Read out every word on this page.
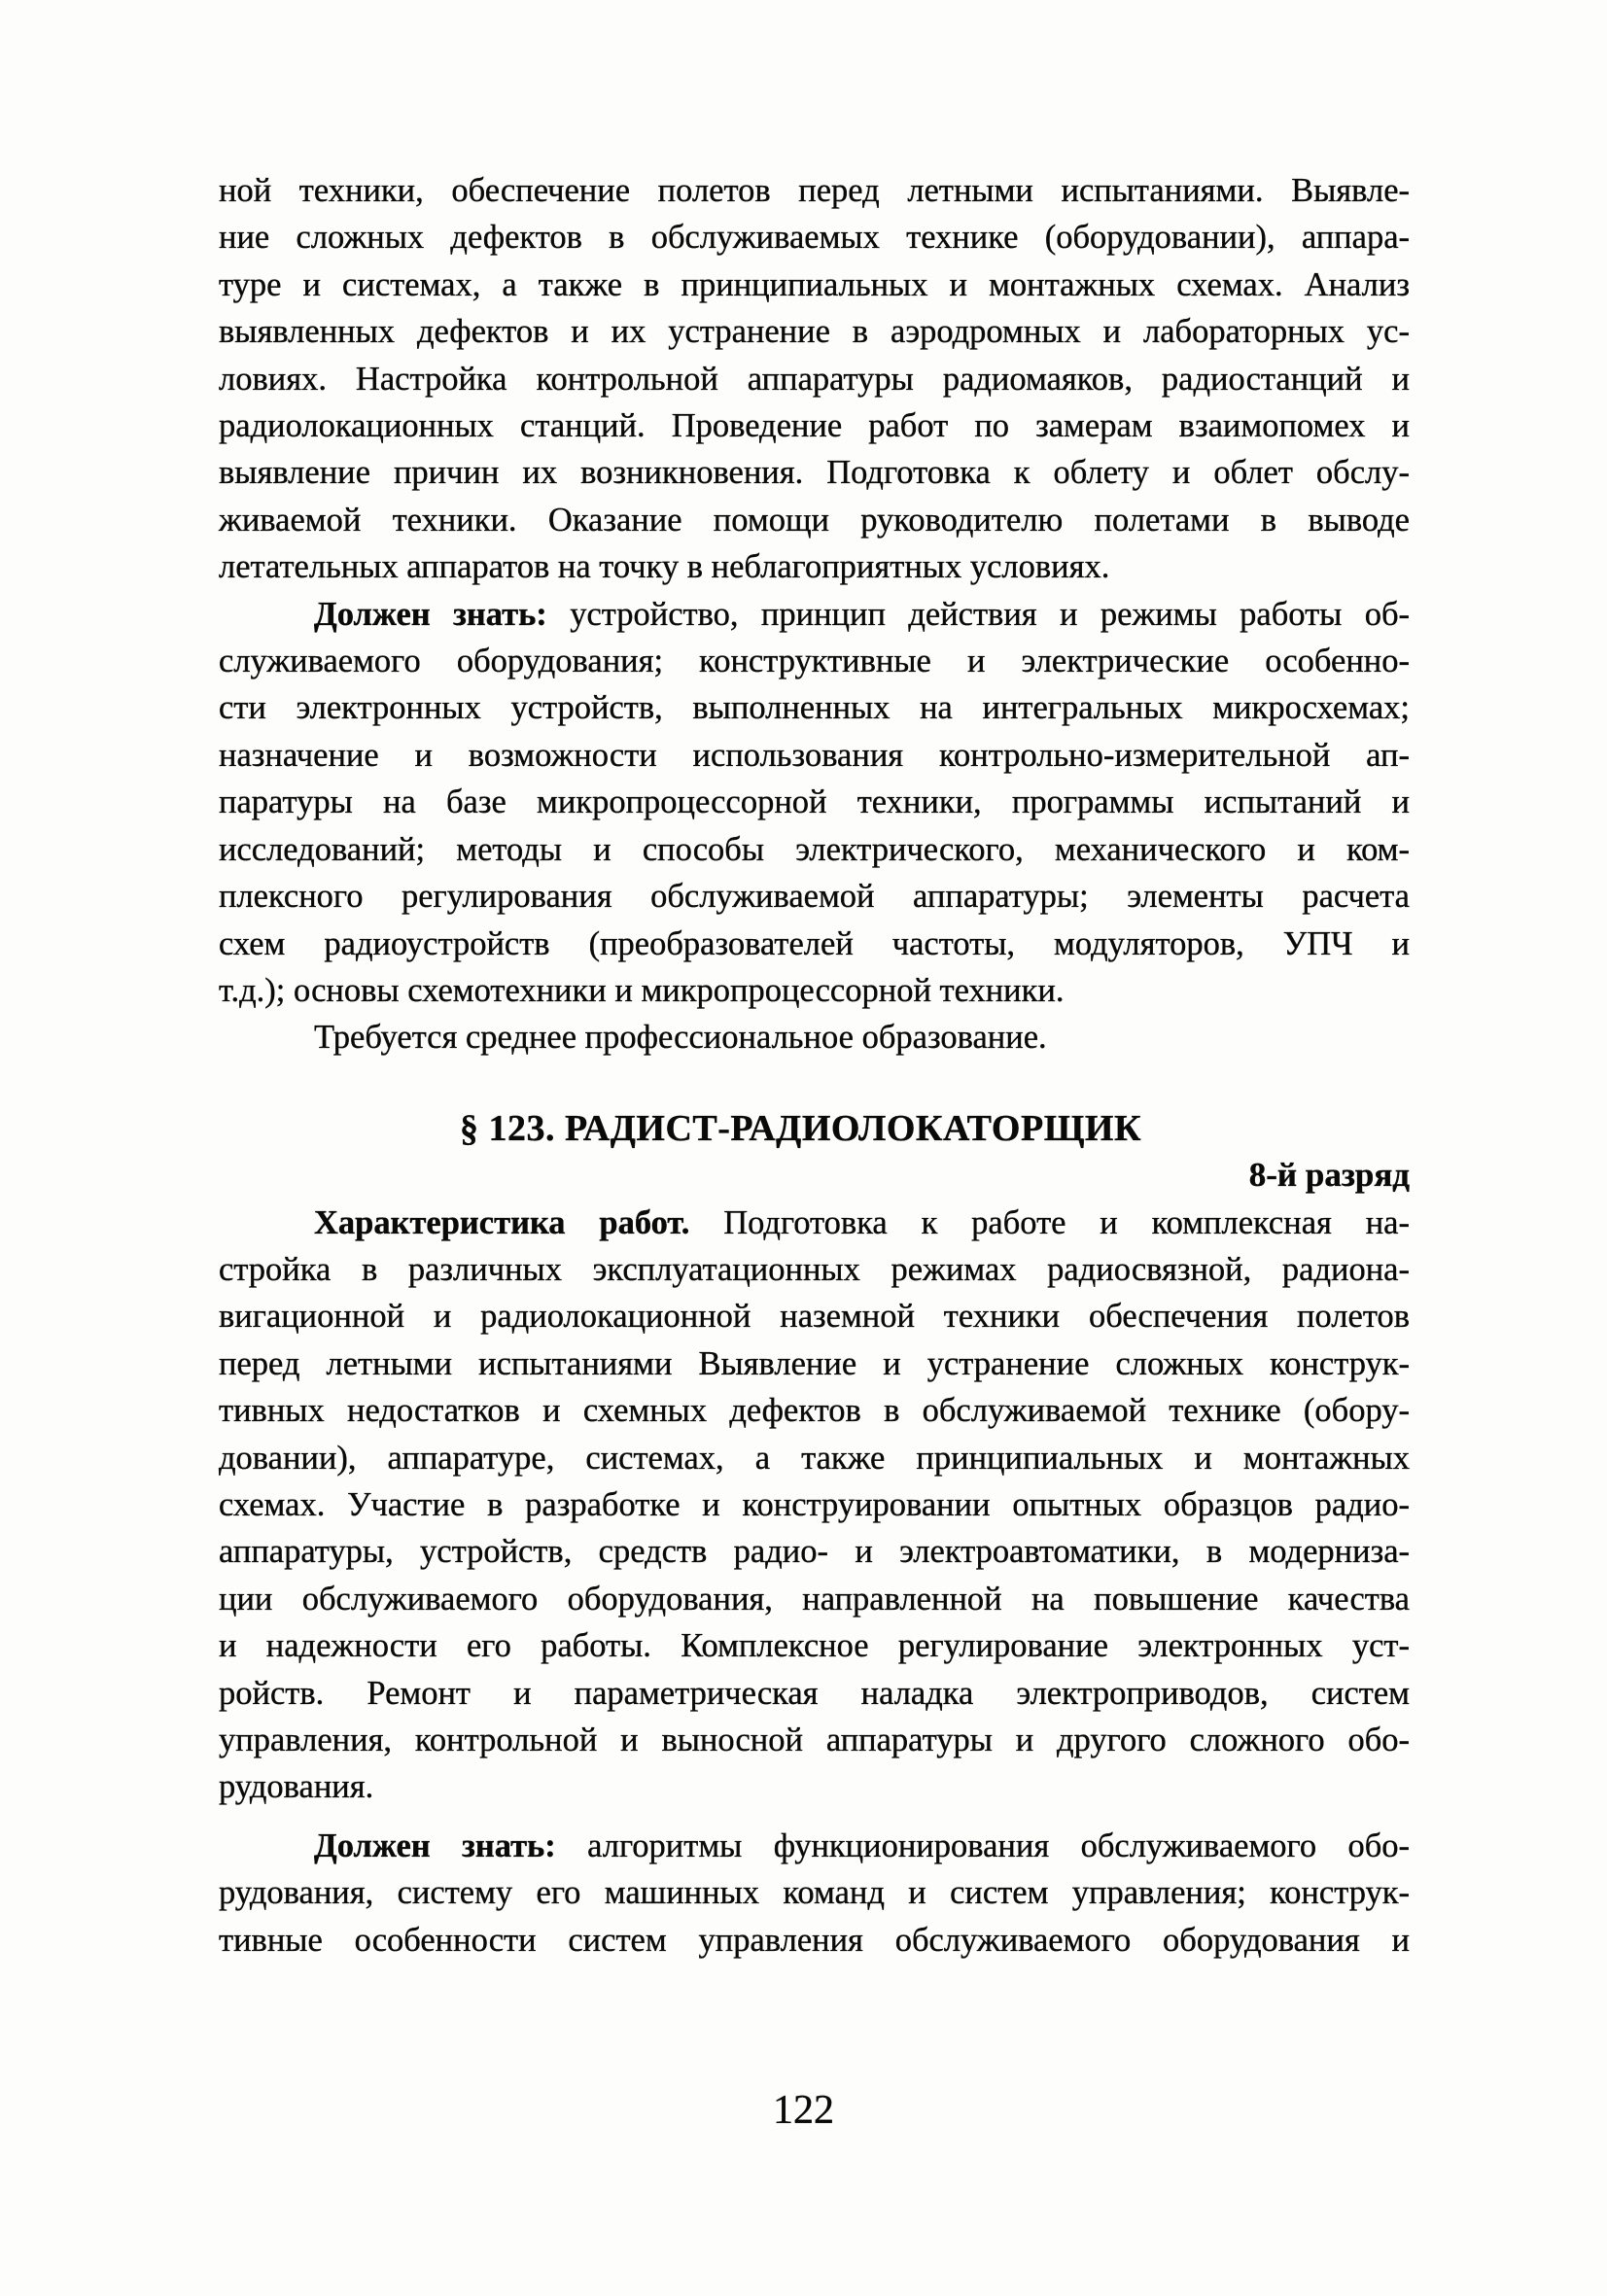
ной техники, обеспечение полетов перед летными испытаниями. Выявле-
ние сложных дефектов в обслуживаемых технике (оборудовании), аппара-
туре и системах, а также в принципиальных и монтажных схемах. Анализ
выявленных дефектов и их устранение в аэродромных и лабораторных ус-
ловиях. Настройка контрольной аппаратуры радиомаяков, радиостанций и
радиолокационных станций. Проведение работ по замерам взаимопомех и
выявление причин их возникновения. Подготовка к облету и облет обслу-
живаемой техники. Оказание помощи руководителю полетами в выводе
летательных аппаратов на точку в неблагоприятных условиях.
Должен знать: устройство, принцип действия и режимы работы об-
служиваемого оборудования; конструктивные и электрические особенно-
сти электронных устройств, выполненных на интегральных микросхемах;
назначение и возможности использования контрольно-измерительной ап-
паратуры на базе микропроцессорной техники, программы испытаний и
исследований; методы и способы электрического, механического и ком-
плексного регулирования обслуживаемой аппаратуры; элементы расчета
схем радиоустройств (преобразователей частоты, модуляторов, УПЧ и
т.д.); основы схемотехники и микропроцессорной техники.
Требуется среднее профессиональное образование.
§ 123. РАДИСТ-РАДИОЛОКАТОРЩИК
8-й разряд
Характеристика работ. Подготовка к работе и комплексная на-
стройка в различных эксплуатационных режимах радиосвязной, радиона-
вигационной и радиолокационной наземной техники обеспечения полетов
перед летными испытаниями Выявление и устранение сложных конструк-
тивных недостатков и схемных дефектов в обслуживаемой технике (обору-
довании), аппаратуре, системах, а также принципиальных и монтажных
схемах. Участие в разработке и конструировании опытных образцов радио-
аппаратуры, устройств, средств радио- и электроавтоматики, в модерниза-
ции обслуживаемого оборудования, направленной на повышение качества
и надежности его работы. Комплексное регулирование электронных уст-
ройств. Ремонт и параметрическая наладка электроприводов, систем
управления, контрольной и выносной аппаратуры и другого сложного обо-
рудования.
Должен знать: алгоритмы функционирования обслуживаемого обо-
рудования, систему его машинных команд и систем управления; конструк-
тивные особенности систем управления обслуживаемого оборудования и
122
